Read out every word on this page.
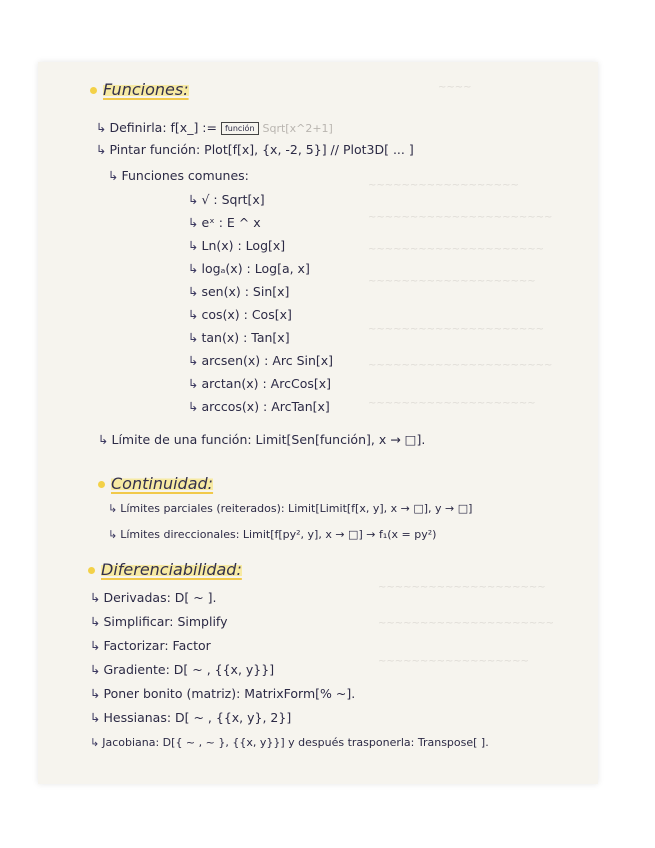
~~~~
~~~~~~~~~~~~~~~~~~
~~~~~~~~~~~~~~~~~~~~~~
~~~~~~~~~~~~~~~~~~~~~
~~~~~~~~~~~~~~~~~~~~
~~~~~~~~~~~~~~~~~~~~~
~~~~~~~~~~~~~~~~~~~~~~
~~~~~~~~~~~~~~~~~~~~
~~~~~~~~~~~~~~~~~~~~
~~~~~~~~~~~~~~~~~~~~~
~~~~~~~~~~~~~~~~~~
Funciones:
↳ Definirla: f[x_] := función Sqrt[x^2+1]
↳ Pintar función: Plot[f[x], {x, -2, 5}] // Plot3D[ ... ]
↳ Funciones comunes:
↳ √ : Sqrt[x]
↳ eˣ : E ^ x
↳ Ln(x) : Log[x]
↳ logₐ(x) : Log[a, x]
↳ sen(x) : Sin[x]
↳ cos(x) : Cos[x]
↳ tan(x) : Tan[x]
↳ arcsen(x) : Arc Sin[x]
↳ arctan(x) : ArcCos[x]
↳ arccos(x) : ArcTan[x]
↳ Límite de una función: Limit[Sen[función], x → □].
Continuidad:
↳ Límites parciales (reiterados): Limit[Limit[f[x, y], x → □], y → □]
↳ Límites direccionales: Limit[f[py², y], x → □] → f₁(x = py²)
Diferenciabilidad:
↳ Derivadas: D[ ~ ].
↳ Simplificar: Simplify
↳ Factorizar: Factor
↳ Gradiente: D[ ~ , {{x, y}}]
↳ Poner bonito (matriz): MatrixForm[% ~].
↳ Hessianas: D[ ~ , {{x, y}, 2}]
↳ Jacobiana: D[{ ~ , ~ }, {{x, y}}] y después trasponerla: Transpose[ ].
